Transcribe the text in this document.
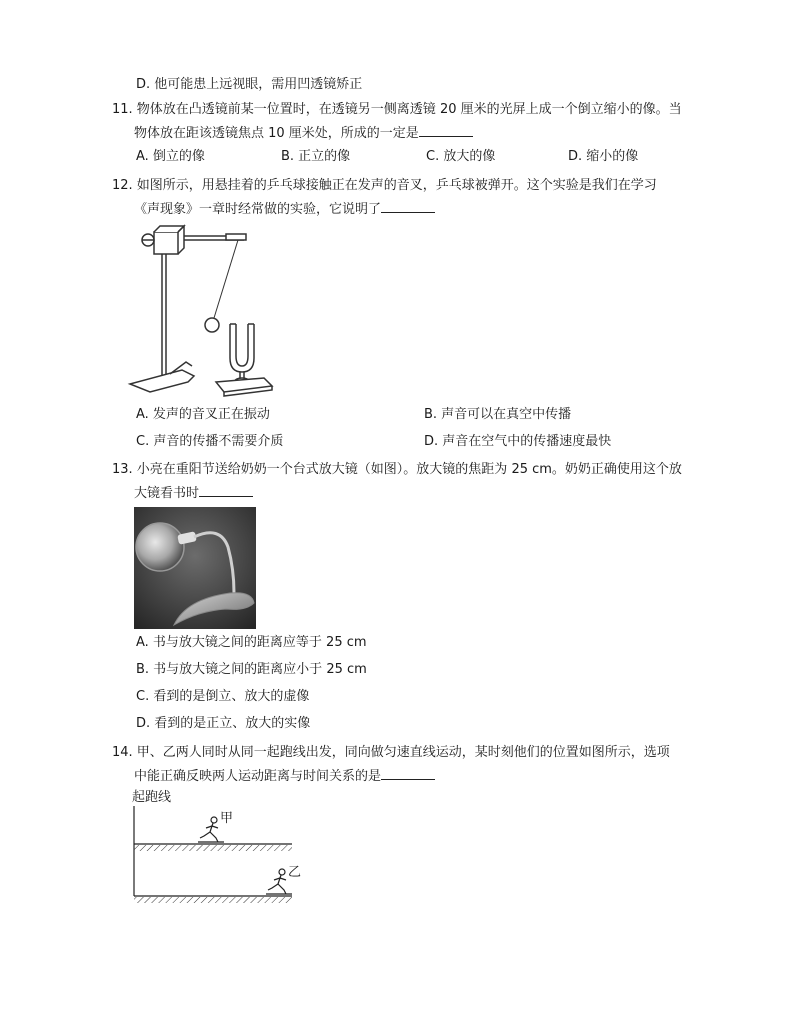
D. 他可能患上远视眼，需用凹透镜矫正
11. 物体放在凸透镜前某一位置时，在透镜另一侧离透镜 20 厘米的光屏上成一个倒立缩小的像。当
物体放在距该透镜焦点 10 厘米处，所成的一定是
A. 倒立的像	B. 正立的像	C. 放大的像	D. 缩小的像
12. 如图所示，用悬挂着的乒乓球接触正在发声的音叉，乒乓球被弹开。这个实验是我们在学习
《声现象》一章时经常做的实验，它说明了
A. 发声的音叉正在振动	B. 声音可以在真空中传播
C. 声音的传播不需要介质	D. 声音在空气中的传播速度最快
13. 小亮在重阳节送给奶奶一个台式放大镜（如图）。放大镜的焦距为 25 cm。奶奶正确使用这个放
大镜看书时
A. 书与放大镜之间的距离应等于 25 cm
B. 书与放大镜之间的距离应小于 25 cm
C. 看到的是倒立、放大的虚像
D. 看到的是正立、放大的实像
14. 甲、乙两人同时从同一起跑线出发，同向做匀速直线运动，某时刻他们的位置如图所示，选项
中能正确反映两人运动距离与时间关系的是
起跑线
甲
乙
